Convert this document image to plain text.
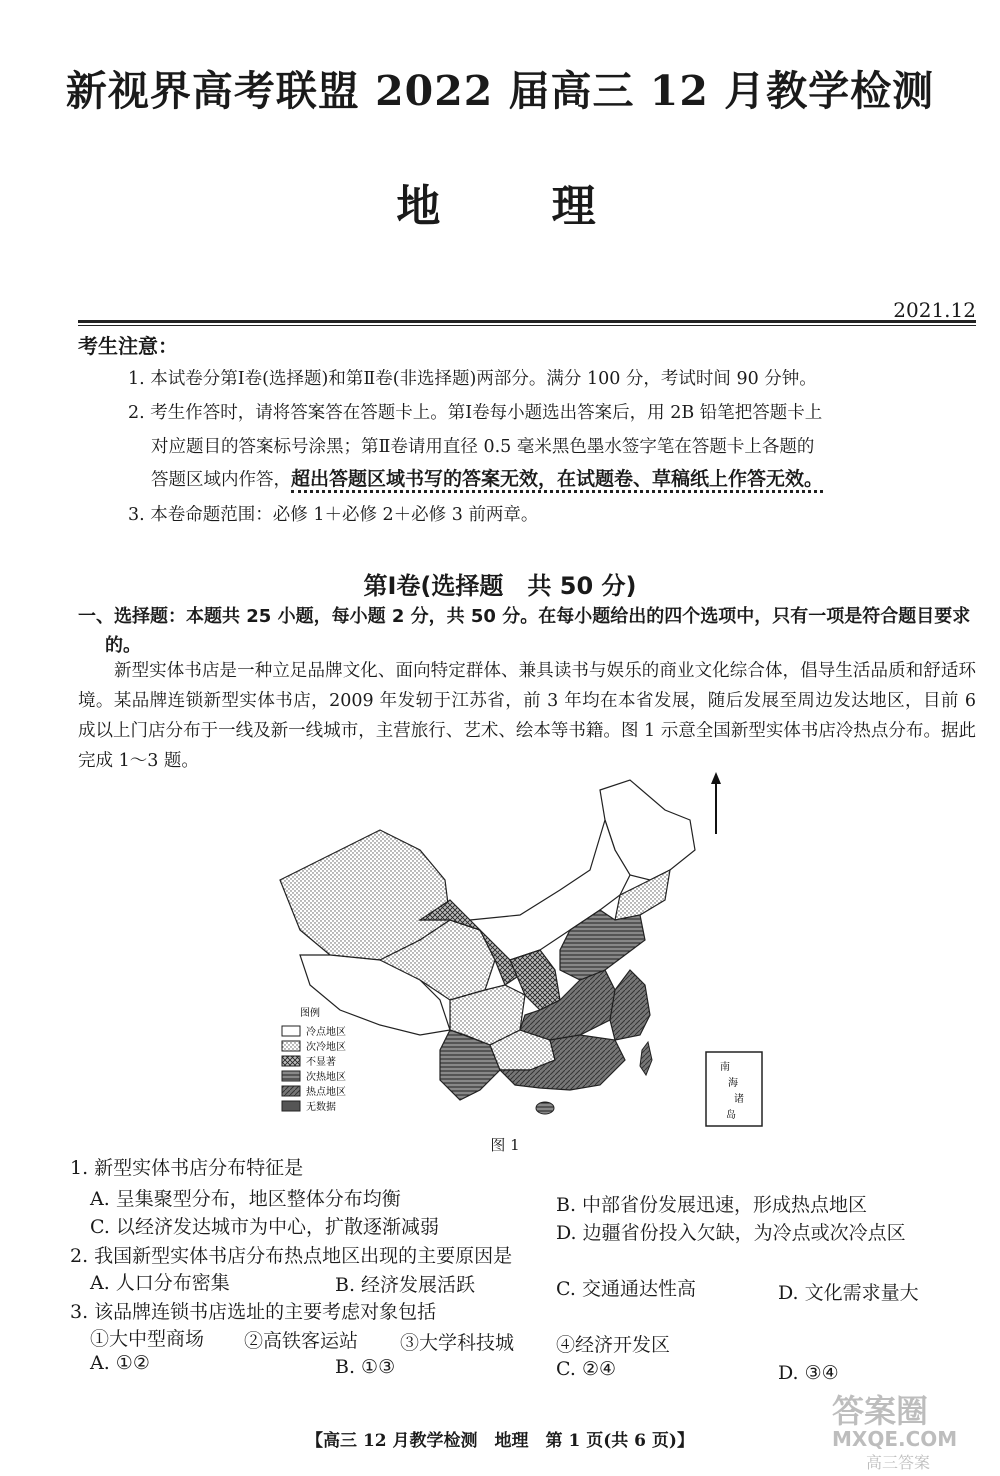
新视界高考联盟 2022 届高三 12 月教学检测
地 理
2021.12
考生注意：
1. 本试卷分第Ⅰ卷(选择题)和第Ⅱ卷(非选择题)两部分。满分 100 分，考试时间 90 分钟。
2. 考生作答时，请将答案答在答题卡上。第Ⅰ卷每小题选出答案后，用 2B 铅笔把答题卡上
对应题目的答案标号涂黑；第Ⅱ卷请用直径 0.5 毫米黑色墨水签字笔在答题卡上各题的
答题区域内作答，超出答题区域书写的答案无效，在试题卷、草稿纸上作答无效。
3. 本卷命题范围：必修 1＋必修 2＋必修 3 前两章。
第Ⅰ卷(选择题　共 50 分)
一、选择题：本题共 25 小题，每小题 2 分，共 50 分。在每小题给出的四个选项中，只有一项是符合题目要求的。
新型实体书店是一种立足品牌文化、面向特定群体、兼具读书与娱乐的商业文化综合体，倡导生活品质和舒适环境。某品牌连锁新型实体书店，2009 年发轫于江苏省，前 3 年均在本省发展，随后发展至周边发达地区，目前 6 成以上门店分布于一线及新一线城市，主营旅行、艺术、绘本等书籍。图 1 示意全国新型实体书店冷热点分布。据此完成 1～3 题。
图例
冷点地区
次冷地区
不显著
次热地区
热点地区
无数据
南
海
诸
岛
图 1
1. 新型实体书店分布特征是
A. 呈集聚型分布，地区整体分布均衡	B. 中部省份发展迅速，形成热点地区
C. 以经济发达城市为中心，扩散逐渐减弱	D. 边疆省份投入欠缺，为冷点或次冷点区
2. 我国新型实体书店分布热点地区出现的主要原因是
A. 人口分布密集	B. 经济发展活跃	C. 交通通达性高	D. 文化需求量大
3. 该品牌连锁书店选址的主要考虑对象包括
①大中型商场 ②高铁客运站 ③大学科技城 ④经济开发区
A. ①②	B. ①③	C. ②④	D. ③④
【高三 12 月教学检测　地理　第 1 页(共 6 页)】
答案圈
MXQE.COM
高三答案
